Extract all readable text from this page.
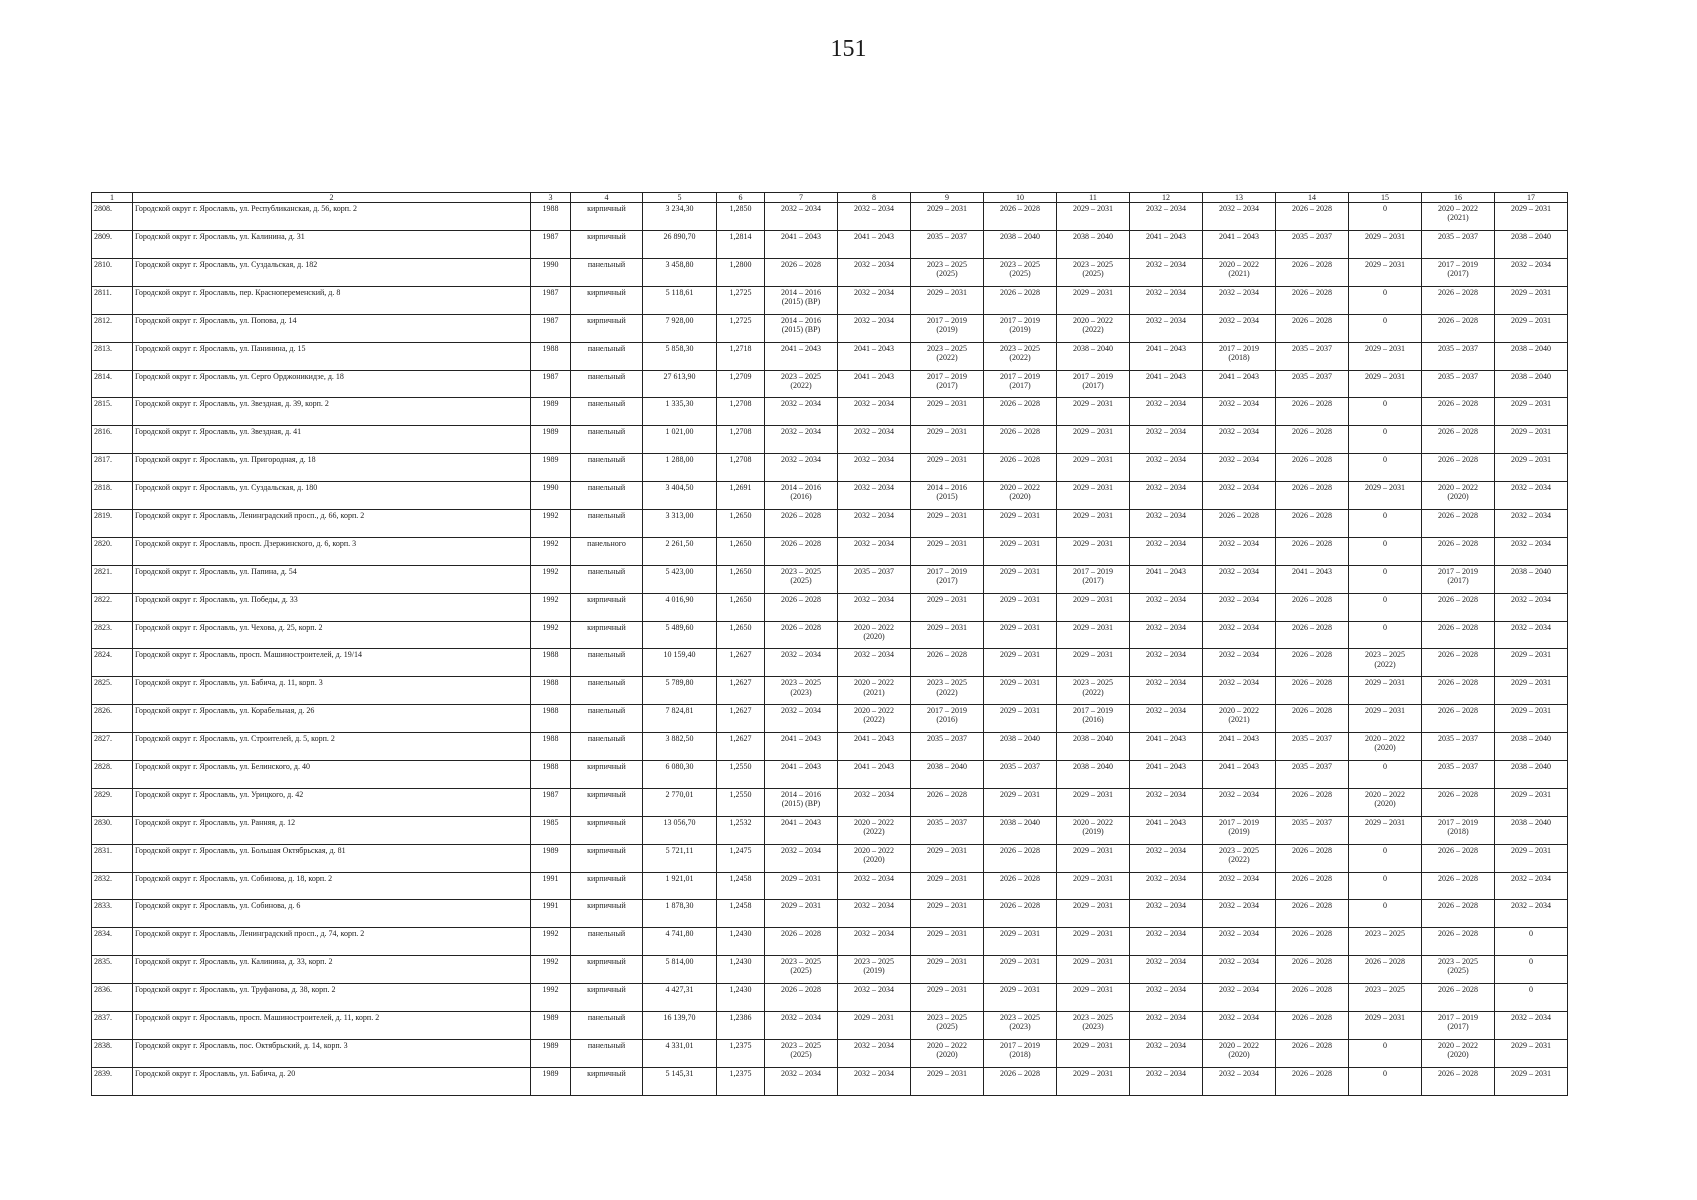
151
1	2	3	4	5	6	7	8	9	10	11	12	13	14	15	16	17
2808.	Городской округ г. Ярославль, ул. Республиканская, д. 56, корп. 2	1988	кирпичный	3 234,30	1,2850	2032 – 2034	2032 – 2034	2029 – 2031	2026 – 2028	2029 – 2031	2032 – 2034	2032 – 2034	2026 – 2028	0	2020 – 2022
(2021)	2029 – 2031
2809.	Городской округ г. Ярославль, ул. Калинина, д. 31	1987	кирпичный	26 890,70	1,2814	2041 – 2043	2041 – 2043	2035 – 2037	2038 – 2040	2038 – 2040	2041 – 2043	2041 – 2043	2035 – 2037	2029 – 2031	2035 – 2037	2038 – 2040
2810.	Городской округ г. Ярославль, ул. Суздальская, д. 182	1990	панельный	3 458,80	1,2800	2026 – 2028	2032 – 2034	2023 – 2025
(2025)	2023 – 2025
(2025)	2023 – 2025
(2025)	2032 – 2034	2020 – 2022
(2021)	2026 – 2028	2029 – 2031	2017 – 2019
(2017)	2032 – 2034
2811.	Городской округ г. Ярославль, пер. Краснопеременский, д. 8	1987	кирпичный	5 118,61	1,2725	2014 – 2016
(2015) (ВР)	2032 – 2034	2029 – 2031	2026 – 2028	2029 – 2031	2032 – 2034	2032 – 2034	2026 – 2028	0	2026 – 2028	2029 – 2031
2812.	Городской округ г. Ярославль, ул. Попова, д. 14	1987	кирпичный	7 928,00	1,2725	2014 – 2016
(2015) (ВР)	2032 – 2034	2017 – 2019
(2019)	2017 – 2019
(2019)	2020 – 2022
(2022)	2032 – 2034	2032 – 2034	2026 – 2028	0	2026 – 2028	2029 – 2031
2813.	Городской округ г. Ярославль, ул. Панинина, д. 15	1988	панельный	5 858,30	1,2718	2041 – 2043	2041 – 2043	2023 – 2025
(2022)	2023 – 2025
(2022)	2038 – 2040	2041 – 2043	2017 – 2019
(2018)	2035 – 2037	2029 – 2031	2035 – 2037	2038 – 2040
2814.	Городской округ г. Ярославль, ул. Серго Орджоникидзе, д. 18	1987	панельный	27 613,90	1,2709	2023 – 2025
(2022)	2041 – 2043	2017 – 2019
(2017)	2017 – 2019
(2017)	2017 – 2019
(2017)	2041 – 2043	2041 – 2043	2035 – 2037	2029 – 2031	2035 – 2037	2038 – 2040
2815.	Городской округ г. Ярославль, ул. Звездная, д. 39, корп. 2	1989	панельный	1 335,30	1,2708	2032 – 2034	2032 – 2034	2029 – 2031	2026 – 2028	2029 – 2031	2032 – 2034	2032 – 2034	2026 – 2028	0	2026 – 2028	2029 – 2031
2816.	Городской округ г. Ярославль, ул. Звездная, д. 41	1989	панельный	1 021,00	1,2708	2032 – 2034	2032 – 2034	2029 – 2031	2026 – 2028	2029 – 2031	2032 – 2034	2032 – 2034	2026 – 2028	0	2026 – 2028	2029 – 2031
2817.	Городской округ г. Ярославль, ул. Пригородная, д. 18	1989	панельный	1 288,00	1,2708	2032 – 2034	2032 – 2034	2029 – 2031	2026 – 2028	2029 – 2031	2032 – 2034	2032 – 2034	2026 – 2028	0	2026 – 2028	2029 – 2031
2818.	Городской округ г. Ярославль, ул. Суздальская, д. 180	1990	панельный	3 404,50	1,2691	2014 – 2016
(2016)	2032 – 2034	2014 – 2016
(2015)	2020 – 2022
(2020)	2029 – 2031	2032 – 2034	2032 – 2034	2026 – 2028	2029 – 2031	2020 – 2022
(2020)	2032 – 2034
2819.	Городской округ г. Ярославль, Ленинградский просп., д. 66, корп. 2	1992	панельный	3 313,00	1,2650	2026 – 2028	2032 – 2034	2029 – 2031	2029 – 2031	2029 – 2031	2032 – 2034	2026 – 2028	2026 – 2028	0	2026 – 2028	2032 – 2034
2820.	Городской округ г. Ярославль, просп. Дзержинского, д. 6, корп. 3	1992	панельного	2 261,50	1,2650	2026 – 2028	2032 – 2034	2029 – 2031	2029 – 2031	2029 – 2031	2032 – 2034	2032 – 2034	2026 – 2028	0	2026 – 2028	2032 – 2034
2821.	Городской округ г. Ярославль, ул. Папина, д. 54	1992	панельный	5 423,00	1,2650	2023 – 2025
(2025)	2035 – 2037	2017 – 2019
(2017)	2029 – 2031	2017 – 2019
(2017)	2041 – 2043	2032 – 2034	2041 – 2043	0	2017 – 2019
(2017)	2038 – 2040
2822.	Городской округ г. Ярославль, ул. Победы, д. 33	1992	кирпичный	4 016,90	1,2650	2026 – 2028	2032 – 2034	2029 – 2031	2029 – 2031	2029 – 2031	2032 – 2034	2032 – 2034	2026 – 2028	0	2026 – 2028	2032 – 2034
2823.	Городской округ г. Ярославль, ул. Чехова, д. 25, корп. 2	1992	кирпичный	5 489,60	1,2650	2026 – 2028	2020 – 2022
(2020)	2029 – 2031	2029 – 2031	2029 – 2031	2032 – 2034	2032 – 2034	2026 – 2028	0	2026 – 2028	2032 – 2034
2824.	Городской округ г. Ярославль, просп. Машиностроителей, д. 19/14	1988	панельный	10 159,40	1,2627	2032 – 2034	2032 – 2034	2026 – 2028	2029 – 2031	2029 – 2031	2032 – 2034	2032 – 2034	2026 – 2028	2023 – 2025
(2022)	2026 – 2028	2029 – 2031
2825.	Городской округ г. Ярославль, ул. Бабича, д. 11, корп. 3	1988	панельный	5 789,80	1,2627	2023 – 2025
(2023)	2020 – 2022
(2021)	2023 – 2025
(2022)	2029 – 2031	2023 – 2025
(2022)	2032 – 2034	2032 – 2034	2026 – 2028	2029 – 2031	2026 – 2028	2029 – 2031
2826.	Городской округ г. Ярославль, ул. Корабельная, д. 26	1988	панельный	7 824,81	1,2627	2032 – 2034	2020 – 2022
(2022)	2017 – 2019
(2016)	2029 – 2031	2017 – 2019
(2016)	2032 – 2034	2020 – 2022
(2021)	2026 – 2028	2029 – 2031	2026 – 2028	2029 – 2031
2827.	Городской округ г. Ярославль, ул. Строителей, д. 5, корп. 2	1988	панельный	3 882,50	1,2627	2041 – 2043	2041 – 2043	2035 – 2037	2038 – 2040	2038 – 2040	2041 – 2043	2041 – 2043	2035 – 2037	2020 – 2022
(2020)	2035 – 2037	2038 – 2040
2828.	Городской округ г. Ярославль, ул. Белинского, д. 40	1988	кирпичный	6 080,30	1,2550	2041 – 2043	2041 – 2043	2038 – 2040	2035 – 2037	2038 – 2040	2041 – 2043	2041 – 2043	2035 – 2037	0	2035 – 2037	2038 – 2040
2829.	Городской округ г. Ярославль, ул. Урицкого, д. 42	1987	кирпичный	2 770,01	1,2550	2014 – 2016
(2015) (ВР)	2032 – 2034	2026 – 2028	2029 – 2031	2029 – 2031	2032 – 2034	2032 – 2034	2026 – 2028	2020 – 2022
(2020)	2026 – 2028	2029 – 2031
2830.	Городской округ г. Ярославль, ул. Ранняя, д. 12	1985	кирпичный	13 056,70	1,2532	2041 – 2043	2020 – 2022
(2022)	2035 – 2037	2038 – 2040	2020 – 2022
(2019)	2041 – 2043	2017 – 2019
(2019)	2035 – 2037	2029 – 2031	2017 – 2019
(2018)	2038 – 2040
2831.	Городской округ г. Ярославль, ул. Большая Октябрьская, д. 81	1989	кирпичный	5 721,11	1,2475	2032 – 2034	2020 – 2022
(2020)	2029 – 2031	2026 – 2028	2029 – 2031	2032 – 2034	2023 – 2025
(2022)	2026 – 2028	0	2026 – 2028	2029 – 2031
2832.	Городской округ г. Ярославль, ул. Собинова, д. 18, корп. 2	1991	кирпичный	1 921,01	1,2458	2029 – 2031	2032 – 2034	2029 – 2031	2026 – 2028	2029 – 2031	2032 – 2034	2032 – 2034	2026 – 2028	0	2026 – 2028	2032 – 2034
2833.	Городской округ г. Ярославль, ул. Собинова, д. 6	1991	кирпичный	1 878,30	1,2458	2029 – 2031	2032 – 2034	2029 – 2031	2026 – 2028	2029 – 2031	2032 – 2034	2032 – 2034	2026 – 2028	0	2026 – 2028	2032 – 2034
2834.	Городской округ г. Ярославль, Ленинградский просп., д. 74, корп. 2	1992	панельный	4 741,80	1,2430	2026 – 2028	2032 – 2034	2029 – 2031	2029 – 2031	2029 – 2031	2032 – 2034	2032 – 2034	2026 – 2028	2023 – 2025	2026 – 2028	0
2835.	Городской округ г. Ярославль, ул. Калинина, д. 33, корп. 2	1992	кирпичный	5 814,00	1,2430	2023 – 2025
(2025)	2023 – 2025
(2019)	2029 – 2031	2029 – 2031	2029 – 2031	2032 – 2034	2032 – 2034	2026 – 2028	2026 – 2028	2023 – 2025
(2025)	0
2836.	Городской округ г. Ярославль, ул. Труфанова, д. 38, корп. 2	1992	кирпичный	4 427,31	1,2430	2026 – 2028	2032 – 2034	2029 – 2031	2029 – 2031	2029 – 2031	2032 – 2034	2032 – 2034	2026 – 2028	2023 – 2025	2026 – 2028	0
2837.	Городской округ г. Ярославль, просп. Машиностроителей, д. 11, корп. 2	1989	панельный	16 139,70	1,2386	2032 – 2034	2029 – 2031	2023 – 2025
(2025)	2023 – 2025
(2023)	2023 – 2025
(2023)	2032 – 2034	2032 – 2034	2026 – 2028	2029 – 2031	2017 – 2019
(2017)	2032 – 2034
2838.	Городской округ г. Ярославль, пос. Октябрьский, д. 14, корп. 3	1989	панельный	4 331,01	1,2375	2023 – 2025
(2025)	2032 – 2034	2020 – 2022
(2020)	2017 – 2019
(2018)	2029 – 2031	2032 – 2034	2020 – 2022
(2020)	2026 – 2028	0	2020 – 2022
(2020)	2029 – 2031
2839.	Городской округ г. Ярославль, ул. Бабича, д. 20	1989	кирпичный	5 145,31	1,2375	2032 – 2034	2032 – 2034	2029 – 2031	2026 – 2028	2029 – 2031	2032 – 2034	2032 – 2034	2026 – 2028	0	2026 – 2028	2029 – 2031
